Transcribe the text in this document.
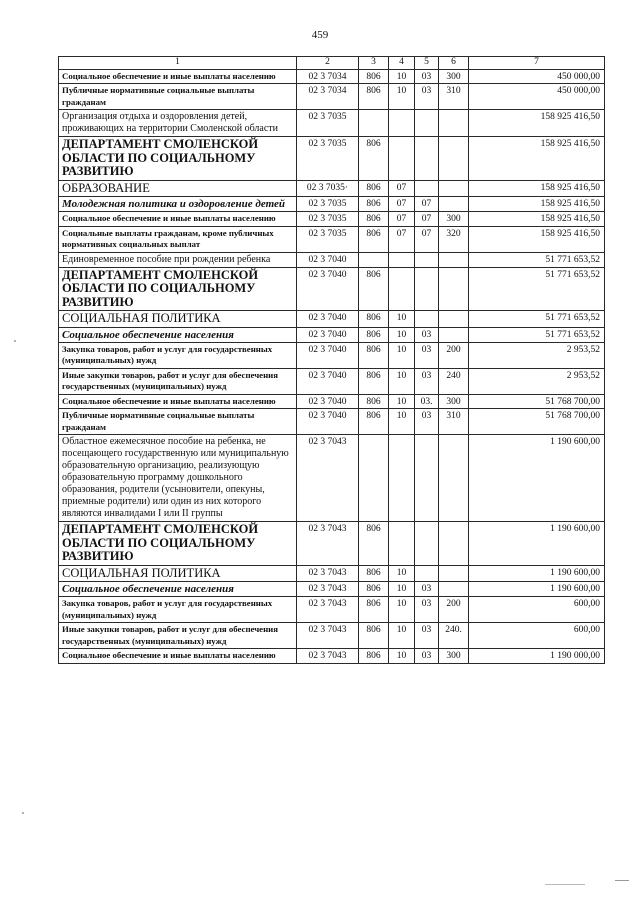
459
1	2	3	4	5	6	7
Социальное обеспечение и иные выплаты населению	02 3 7034	806	10	03	300	450 000,00
Публичные нормативные социальные выплаты гражданам	02 3 7034	806	10	03	310	450 000,00
Организация отдыха и оздоровления детей, проживающих на территории Смоленской области	02 3 7035					158 925 416,50
ДЕПАРТАМЕНТ СМОЛЕНСКОЙ ОБЛАСТИ ПО СОЦИАЛЬНОМУ РАЗВИТИЮ	02 3 7035	806				158 925 416,50
ОБРАЗОВАНИЕ	02 3 7035·	806	07			158 925 416,50
Молодежная политика и оздоровление детей	02 3 7035	806	07	07		158 925 416,50
Социальное обеспечение и иные выплаты населению	02 3 7035	806	07	07	300	158 925 416,50
Социальные выплаты гражданам, кроме публичных нормативных социальных выплат	02 3 7035	806	07	07	320	158 925 416,50
Единовременное пособие при рождении ребенка	02 3 7040					51 771 653,52
ДЕПАРТАМЕНТ СМОЛЕНСКОЙ ОБЛАСТИ ПО СОЦИАЛЬНОМУ РАЗВИТИЮ	02 3 7040	806				51 771 653,52
СОЦИАЛЬНАЯ ПОЛИТИКА	02 3 7040	806	10			51 771 653,52
Социальное обеспечение населения	02 3 7040	806	10	03		51 771 653,52
Закупка товаров, работ и услуг для государственных (муниципальных) нужд	02 3 7040	806	10	03	200	2 953,52
Иные закупки товаров, работ и услуг для обеспечения государственных (муниципальных) нужд	02 3 7040	806	10	03	240	2 953,52
Социальное обеспечение и иные выплаты населению	02 3 7040	806	10	03.	300	51 768 700,00
Публичные нормативные социальные выплаты гражданам	02 3 7040	806	10	03	310	51 768 700,00
Областное ежемесячное пособие на ребенка, не посещающего государственную или муниципальную образовательную организацию, реализующую образовательную программу дошкольного образования, родители (усыновители, опекуны, приемные родители) или один из них которого являются инвалидами I или II группы	02 3 7043					1 190 600,00
ДЕПАРТАМЕНТ СМОЛЕНСКОЙ ОБЛАСТИ ПО СОЦИАЛЬНОМУ РАЗВИТИЮ	02 3 7043	806				1 190 600,00
СОЦИАЛЬНАЯ ПОЛИТИКА	02 3 7043	806	10			1 190 600,00
Социальное обеспечение населения	02 3 7043	806	10	03		1 190 600,00
Закупка товаров, работ и услуг для государственных (муниципальных) нужд	02 3 7043	806	10	03	200	600,00
Иные закупки товаров, работ и услуг для обеспечения государственных (муниципальных) нужд	02 3 7043	806	10	03	240.	600,00
Социальное обеспечение и иные выплаты населению	02 3 7043	806	10	03	300	1 190 000,00
